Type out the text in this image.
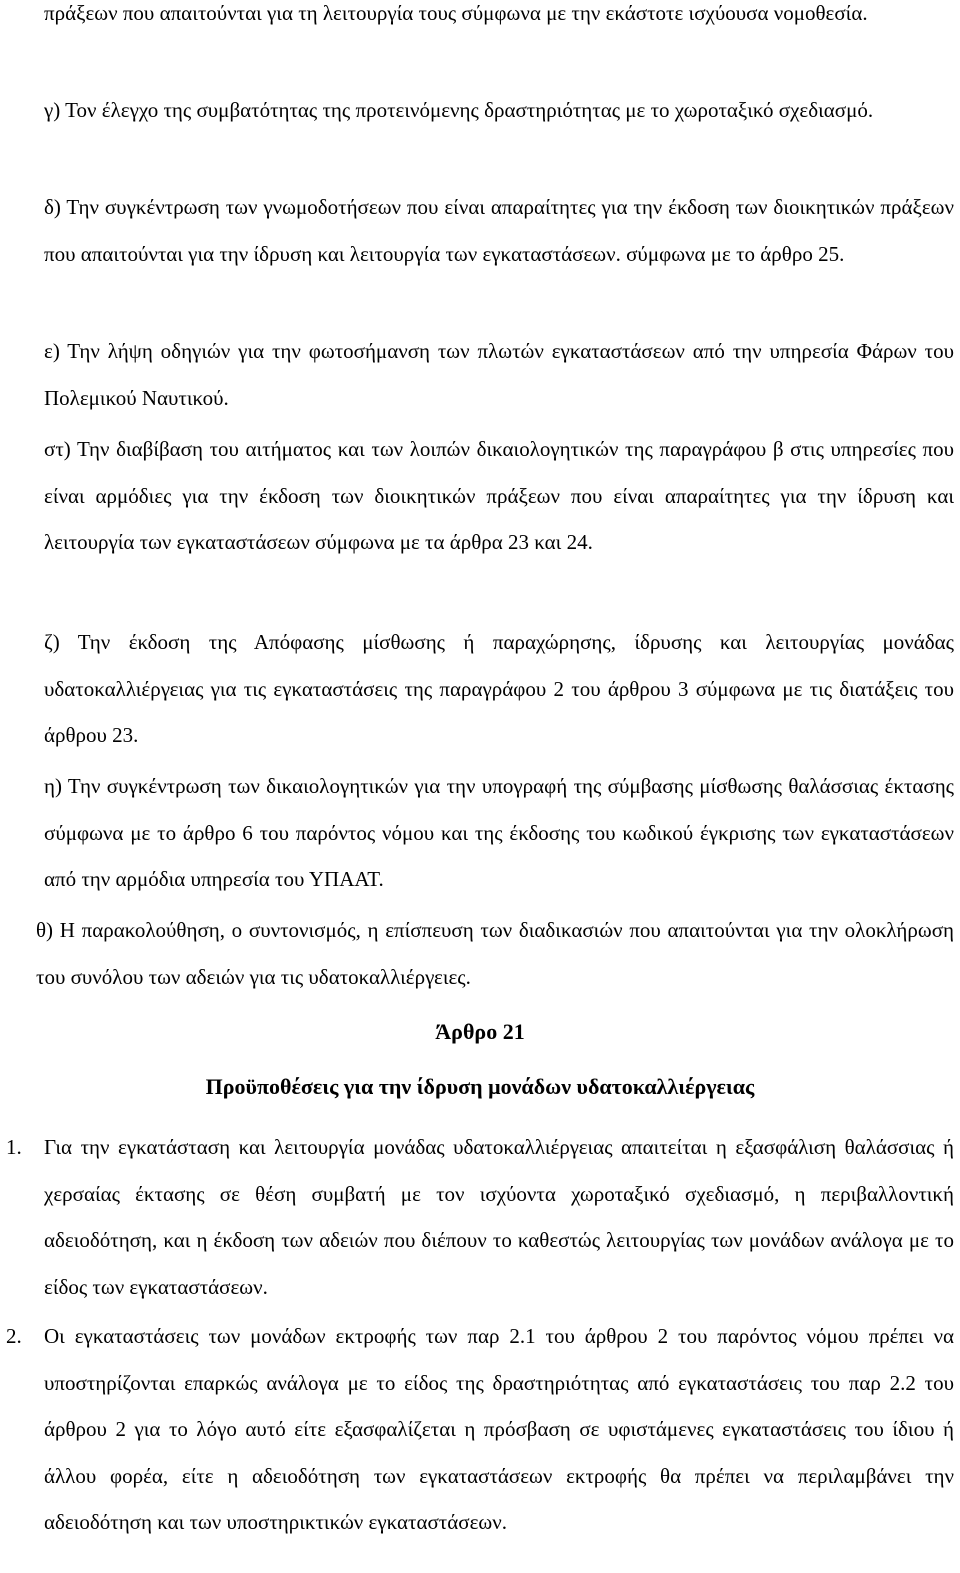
πράξεων που απαιτούνται για τη λειτουργία τους σύμφωνα με την εκάστοτε ισχύουσα νομοθεσία.

γ) Τον έλεγχο της συμβατότητας της προτεινόμενης δραστηριότητας με το χωροταξικό σχεδιασμό.

δ) Την συγκέντρωση των γνωμοδοτήσεων που είναι απαραίτητες για την έκδοση των διοικητικών πράξεων που απαιτούνται για την ίδρυση και λειτουργία των εγκαταστάσεων. σύμφωνα με το άρθρο 25.

ε) Την λήψη οδηγιών για την φωτοσήμανση των πλωτών εγκαταστάσεων από την υπηρεσία Φάρων του Πολεμικού Ναυτικού.

στ) Την διαβίβαση του αιτήματος και των λοιπών δικαιολογητικών της παραγράφου β στις υπηρεσίες που είναι αρμόδιες για την έκδοση των διοικητικών πράξεων που είναι απαραίτητες για την ίδρυση και λειτουργία των εγκαταστάσεων σύμφωνα με τα άρθρα 23 και 24.

ζ) Την έκδοση της Απόφασης μίσθωσης ή παραχώρησης, ίδρυσης και λειτουργίας μονάδας υδατοκαλλιέργειας για τις εγκαταστάσεις της παραγράφου 2 του άρθρου 3 σύμφωνα με τις διατάξεις του άρθρου 23.

η) Την συγκέντρωση των δικαιολογητικών για την υπογραφή της σύμβασης μίσθωσης θαλάσσιας έκτασης σύμφωνα με το άρθρο 6 του παρόντος νόμου και της έκδοσης του κωδικού έγκρισης των εγκαταστάσεων από την αρμόδια υπηρεσία του ΥΠΑΑΤ.

θ) Η παρακολούθηση, ο συντονισμός, η επίσπευση των διαδικασιών που απαιτούνται για την ολοκλήρωση του συνόλου των αδειών για τις υδατοκαλλιέργειες.

Άρθρο 21
Προϋποθέσεις για την ίδρυση μονάδων υδατοκαλλιέργειας
1. Για την εγκατάσταση και λειτουργία μονάδας υδατοκαλλιέργειας απαιτείται η εξασφάλιση θαλάσσιας ή χερσαίας έκτασης σε θέση συμβατή με τον ισχύοντα χωροταξικό σχεδιασμό, η περιβαλλοντική αδειοδότηση, και η έκδοση των αδειών που διέπουν το καθεστώς λειτουργίας των μονάδων ανάλογα με το είδος των εγκαταστάσεων.

2. Οι εγκαταστάσεις των μονάδων εκτροφής των παρ 2.1 του άρθρου 2 του παρόντος νόμου πρέπει να υποστηρίζονται επαρκώς ανάλογα με το είδος της δραστηριότητας από εγκαταστάσεις του παρ 2.2 του άρθρου 2 για το λόγο αυτό είτε εξασφαλίζεται η πρόσβαση σε υφιστάμενες εγκαταστάσεις του ίδιου ή άλλου φορέα, είτε η αδειοδότηση των εγκαταστάσεων εκτροφής θα πρέπει να περιλαμβάνει την αδειοδότηση και των υποστηρικτικών εγκαταστάσεων.
